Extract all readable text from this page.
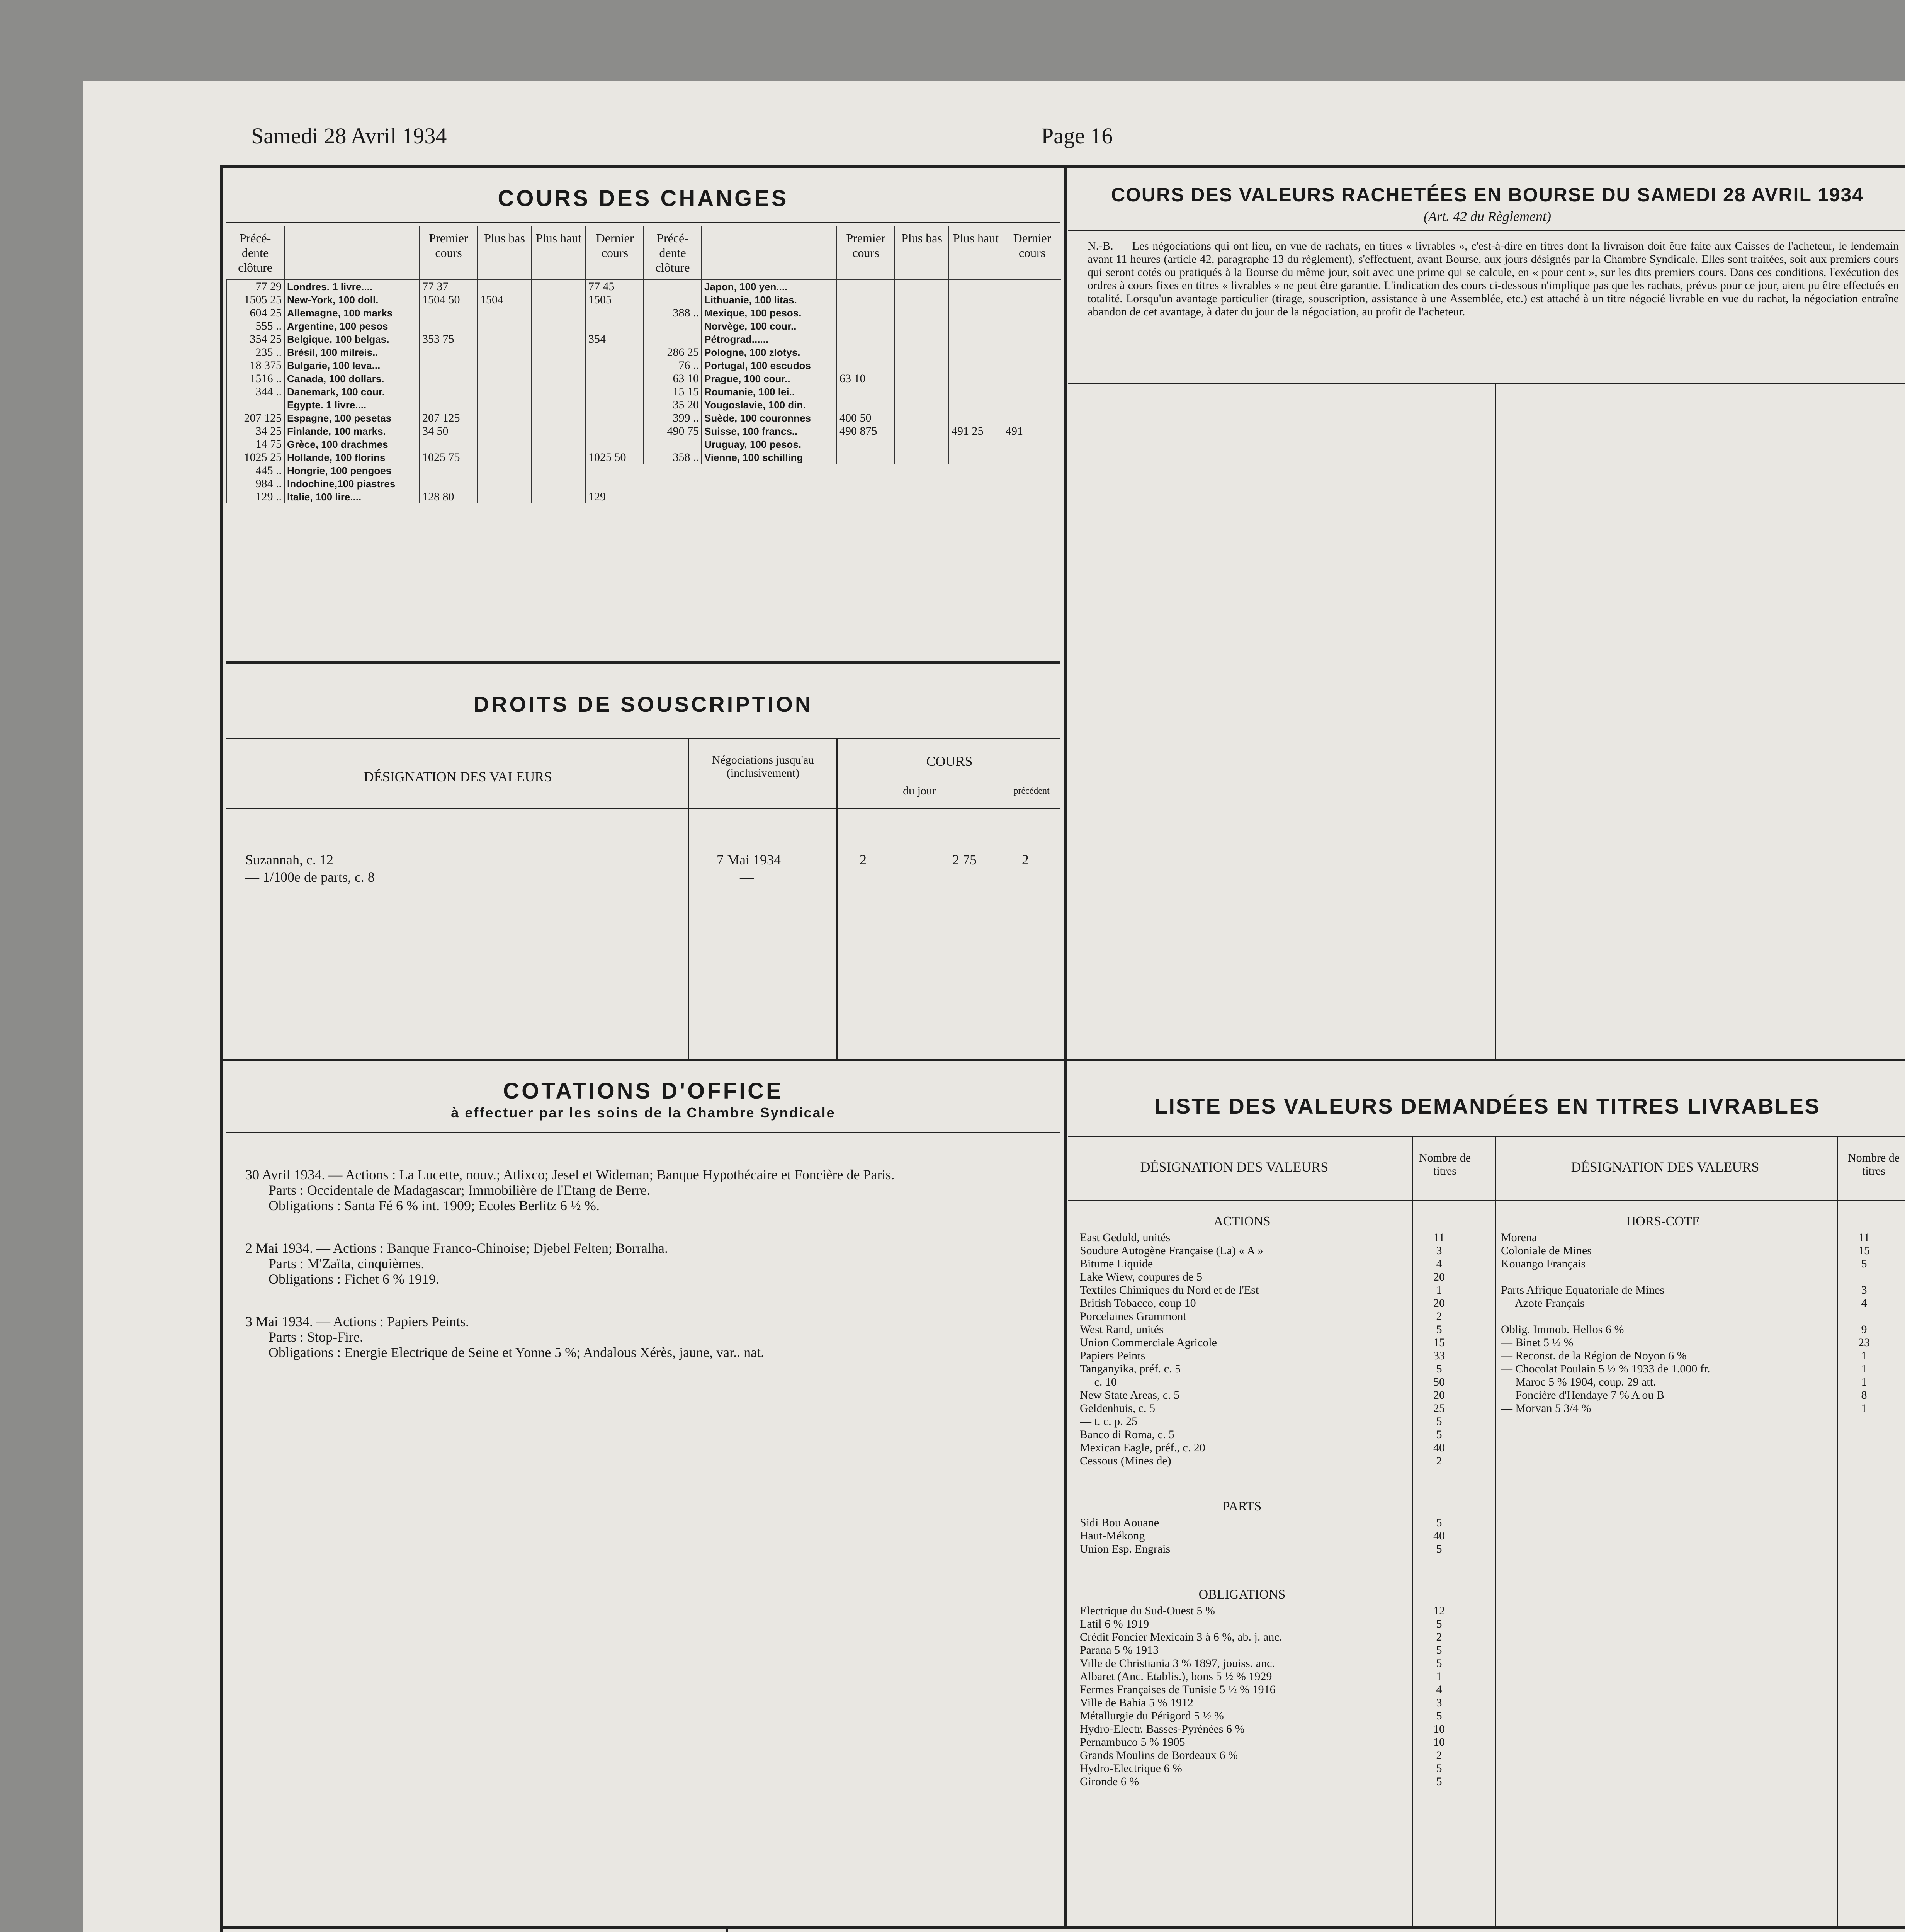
Samedi 28 Avril 1934	Page 16
COURS DES CHANGES
Précé-dente clôture		Premier cours	Plus bas	Plus haut	Dernier cours
77 29	Londres. 1 livre....	77 37			77 45
1505 25	New-York, 100 doll.	1504 50	1504		1505
604 25	Allemagne, 100 marks				
555 ..	Argentine, 100 pesos				
354 25	Belgique, 100 belgas.	353 75			354
235 ..	Brésil, 100 milreis..				
18 375	Bulgarie, 100 leva...				
1516 ..	Canada, 100 dollars.				
344 ..	Danemark, 100 cour.				
	Egypte. 1 livre....				
207 125	Espagne, 100 pesetas	207 125			
34 25	Finlande, 100 marks.	34 50			
14 75	Grèce, 100 drachmes				
1025 25	Hollande, 100 florins	1025 75			1025 50
445 ..	Hongrie, 100 pengoes				
984 ..	Indochine,100 piastres				
129 ..	Italie, 100 lire....	128 80			129
Précé-dente clôture		Premier cours	Plus bas	Plus haut	Dernier cours
	Japon, 100 yen....				
	Lithuanie, 100 litas.				
388 ..	Mexique, 100 pesos.				
	Norvège, 100 cour..				
	Pétrograd......				
286 25	Pologne, 100 zlotys.				
76 ..	Portugal, 100 escudos				
63 10	Prague, 100 cour..	63 10			
15 15	Roumanie, 100 lei..				
35 20	Yougoslavie, 100 din.				
399 ..	Suède, 100 couronnes	400 50			
490 75	Suisse, 100 francs..	490 875		491 25	491
	Uruguay, 100 pesos.				
358 ..	Vienne, 100 schilling				
DROITS DE SOUSCRIPTION
DÉSIGNATION DES VALEURS
Négociations jusqu'au (inclusivement)
COURS
du jour	précédent
Suzannah, c. 12	7 Mai 1934	2	2 75	2
— 1/100e de parts, c. 8	—
COURS DES VALEURS RACHETÉES EN BOURSE DU SAMEDI 28 AVRIL 1934
(Art. 42 du Règlement)
N.-B. — Les négociations qui ont lieu, en vue de rachats, en titres « livrables », c'est-à-dire en titres dont la livraison doit être faite aux Caisses de l'acheteur, le lendemain avant 11 heures (article 42, paragraphe 13 du règlement), s'effectuent, avant Bourse, aux jours désignés par la Chambre Syndicale. Elles sont traitées, soit aux premiers cours qui seront cotés ou pratiqués à la Bourse du même jour, soit avec une prime qui se calcule, en « pour cent », sur les dits premiers cours. Dans ces conditions, l'exécution des ordres à cours fixes en titres « livrables » ne peut être garantie. L'indication des cours ci-dessous n'implique pas que les rachats, prévus pour ce jour, aient pu être effectués en totalité. Lorsqu'un avantage particulier (tirage, souscription, assistance à une Assemblée, etc.) est attaché à un titre négocié livrable en vue du rachat, la négociation entraîne abandon de cet avantage, à dater du jour de la négociation, au profit de l'acheteur.
COTATIONS D'OFFICE
à effectuer par les soins de la Chambre Syndicale
30 Avril 1934. — Actions : La Lucette, nouv.; Atlixco; Jesel et Wideman; Banque Hypothécaire et Foncière de Paris.
Parts : Occidentale de Madagascar; Immobilière de l'Etang de Berre.
Obligations : Santa Fé 6 % int. 1909; Ecoles Berlitz 6 ½ %.
2 Mai 1934. — Actions : Banque Franco-Chinoise; Djebel Felten; Borralha.
Parts : M'Zaïta, cinquièmes.
Obligations : Fichet 6 % 1919.
3 Mai 1934. — Actions : Papiers Peints.
Parts : Stop-Fire.
Obligations : Energie Electrique de Seine et Yonne 5 %; Andalous Xérès, jaune, var.. nat.
LISTE DES VALEURS DEMANDÉES EN TITRES LIVRABLES
DÉSIGNATION DES VALEURS
Nombre de titres	DÉSIGNATION DES VALEURS
Nombre de titres
ACTIONS
East Geduld, unités	11
Soudure Autogène Française (La) « A »	3
Bitume Liquide	4
Lake Wiew, coupures de 5	20
Textiles Chimiques du Nord et de l'Est	1
British Tobacco, coup 10	20
Porcelaines Grammont	2
West Rand, unités	5
Union Commerciale Agricole	15
Papiers Peints	33
Tanganyika, préf. c. 5	5
— c. 10	50
New State Areas, c. 5	20
Geldenhuis, c. 5	25
— t. c. p. 25	5
Banco di Roma, c. 5	5
Mexican Eagle, préf., c. 20	40
Cessous (Mines de)	2
PARTS
Sidi Bou Aouane	5
Haut-Mékong	40
Union Esp. Engrais	5
OBLIGATIONS
Electrique du Sud-Ouest 5 %	12
Latil 6 % 1919	5
Crédit Foncier Mexicain 3 à 6 %, ab. j. anc.	2
Parana 5 % 1913	5
Ville de Christiania 3 % 1897, jouiss. anc.	5
Albaret (Anc. Etablis.), bons 5 ½ % 1929	1
Fermes Françaises de Tunisie 5 ½ % 1916	4
Ville de Bahia 5 % 1912	3
Métallurgie du Périgord 5 ½ %	5
Hydro-Electr. Basses-Pyrénées 6 %	10
Pernambuco 5 % 1905	10
Grands Moulins de Bordeaux 6 %	2
Hydro-Electrique 6 %	5
Gironde 6 %	5
HORS-COTE
Morena	11
Coloniale de Mines	15
Kouango Français	5
Parts Afrique Equatoriale de Mines	3
— Azote Français	4
Oblig. Immob. Hellos 6 %	9
— Binet 5 ½ %	23
— Reconst. de la Région de Noyon 6 %	1
— Chocolat Poulain 5 ½ % 1933 de 1.000 fr.	1
— Maroc 5 % 1904, coup. 29 att.	1
— Foncière d'Hendaye 7 % A ou B	8
— Morvan 5 3/4 %	1
